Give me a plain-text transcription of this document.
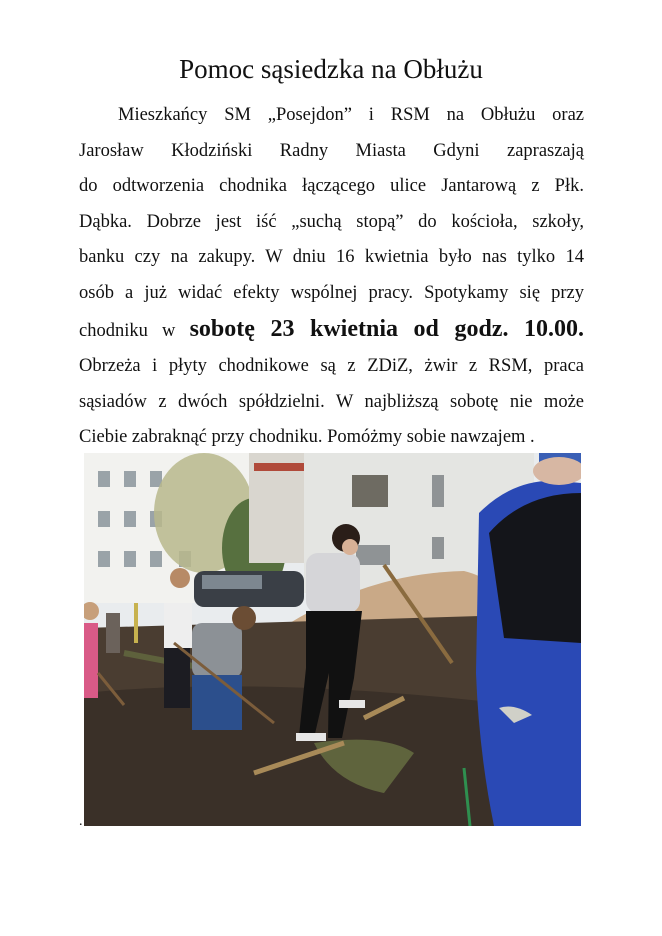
Pomoc sąsiedzka na Obłużu
Mieszkańcy SM „Posejdon” i RSM na Obłużu oraz
Jarosław Kłodziński Radny Miasta Gdyni zapraszają
do odtworzenia chodnika łączącego ulice Jantarową z Płk.
Dąbka. Dobrze jest iść „suchą stopą” do kościoła, szkoły,
banku czy na zakupy. W dniu 16 kwietnia było nas tylko 14
osób a już widać efekty wspólnej pracy. Spotykamy się przy
chodniku w sobotę 23 kwietnia od godz. 10.00.
Obrzeża i płyty chodnikowe są z ZDiZ, żwir z RSM, praca
sąsiadów z dwóch spółdzielni. W najbliższą sobotę nie może
Ciebie zabraknąć przy chodniku. Pomóżmy sobie nawzajem .
.
